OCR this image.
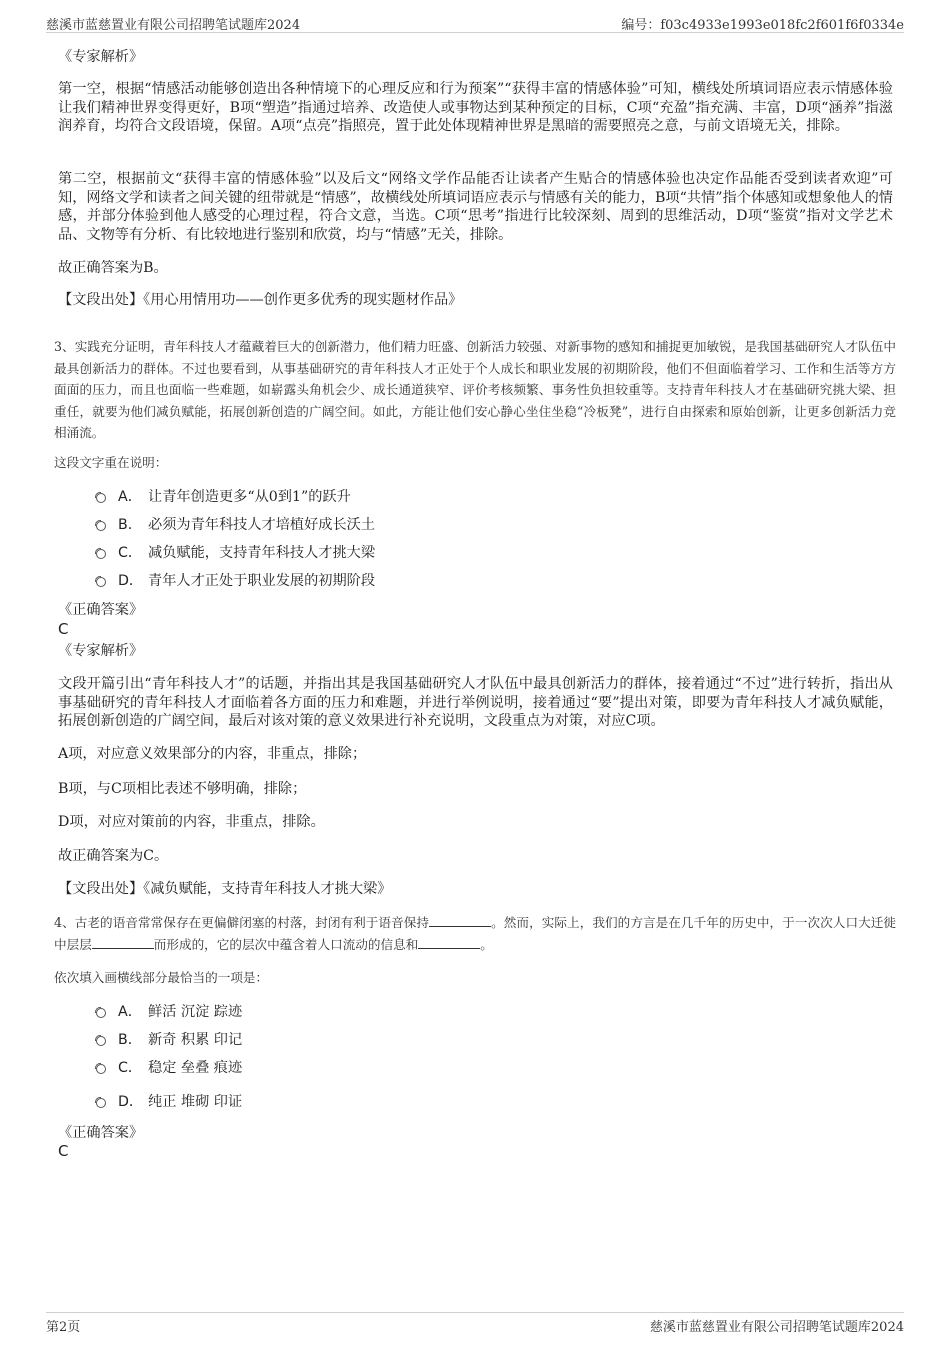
慈溪市蓝慈置业有限公司招聘笔试题库2024	编号：f03c4933e1993e018fc2f601f6f0334e
《专家解析》

第一空，根据“情感活动能够创造出各种情境下的心理反应和行为预案”“获得丰富的情感体验”可知，横线处所填词语应表示情感体验让我们精神世界变得更好，B项“塑造”指通过培养、改造使人或事物达到某种预定的目标，C项“充盈”指充满、丰富，D项“涵养”指滋润养育，均符合文段语境，保留。A项“点亮”指照亮，置于此处体现精神世界是黑暗的需要照亮之意，与前文语境无关，排除。

第二空，根据前文“获得丰富的情感体验”以及后文“网络文学作品能否让读者产生贴合的情感体验也决定作品能否受到读者欢迎”可知，网络文学和读者之间关键的纽带就是“情感”，故横线处所填词语应表示与情感有关的能力，B项“共情”指个体感知或想象他人的情感，并部分体验到他人感受的心理过程，符合文意，当选。C项“思考”指进行比较深刻、周到的思维活动，D项“鉴赏”指对文学艺术品、文物等有分析、有比较地进行鉴别和欣赏，均与“情感”无关，排除。

故正确答案为B。
【文段出处】《用心用情用功——创作更多优秀的现实题材作品》

3、实践充分证明，青年科技人才蕴藏着巨大的创新潜力，他们精力旺盛、创新活力较强、对新事物的感知和捕捉更加敏锐，是我国基础研究人才队伍中最具创新活力的群体。不过也要看到，从事基础研究的青年科技人才正处于个人成长和职业发展的初期阶段，他们不但面临着学习、工作和生活等方方面面的压力，而且也面临一些难题，如崭露头角机会少、成长通道狭窄、评价考核频繁、事务性负担较重等。支持青年科技人才在基础研究挑大梁、担重任，就要为他们减负赋能，拓展创新创造的广阔空间。如此，方能让他们安心静心坐住坐稳“冷板凳”，进行自由探索和原始创新，让更多创新活力竞相涌流。

这段文字重在说明：
A． 让青年创造更多“从0到1”的跃升
B． 必须为青年科技人才培植好成长沃土
C． 减负赋能，支持青年科技人才挑大梁
D． 青年人才正处于职业发展的初期阶段
《正确答案》
C
《专家解析》

文段开篇引出“青年科技人才”的话题，并指出其是我国基础研究人才队伍中最具创新活力的群体，接着通过“不过”进行转折，指出从事基础研究的青年科技人才面临着各方面的压力和难题，并进行举例说明，接着通过“要”提出对策，即要为青年科技人才减负赋能，拓展创新创造的广阔空间，最后对该对策的意义效果进行补充说明，文段重点为对策，对应C项。

A项，对应意义效果部分的内容，非重点，排除；
B项，与C项相比表述不够明确，排除；
D项，对应对策前的内容，非重点，排除。
故正确答案为C。
【文段出处】《减负赋能，支持青年科技人才挑大梁》

4、古老的语音常常保存在更偏僻闭塞的村落，封闭有利于语音保持	。然而，实际上，我们的方言是在几千年的历史中，于一次次人口大迁徙中层层	而形成的，它的层次中蕴含着人口流动的信息和	。

依次填入画横线部分最恰当的一项是：
A． 鲜活 沉淀 踪迹
B． 新奇 积累 印记
C． 稳定 垒叠 痕迹
D． 纯正 堆砌 印证
《正确答案》
C
第2页	慈溪市蓝慈置业有限公司招聘笔试题库2024
